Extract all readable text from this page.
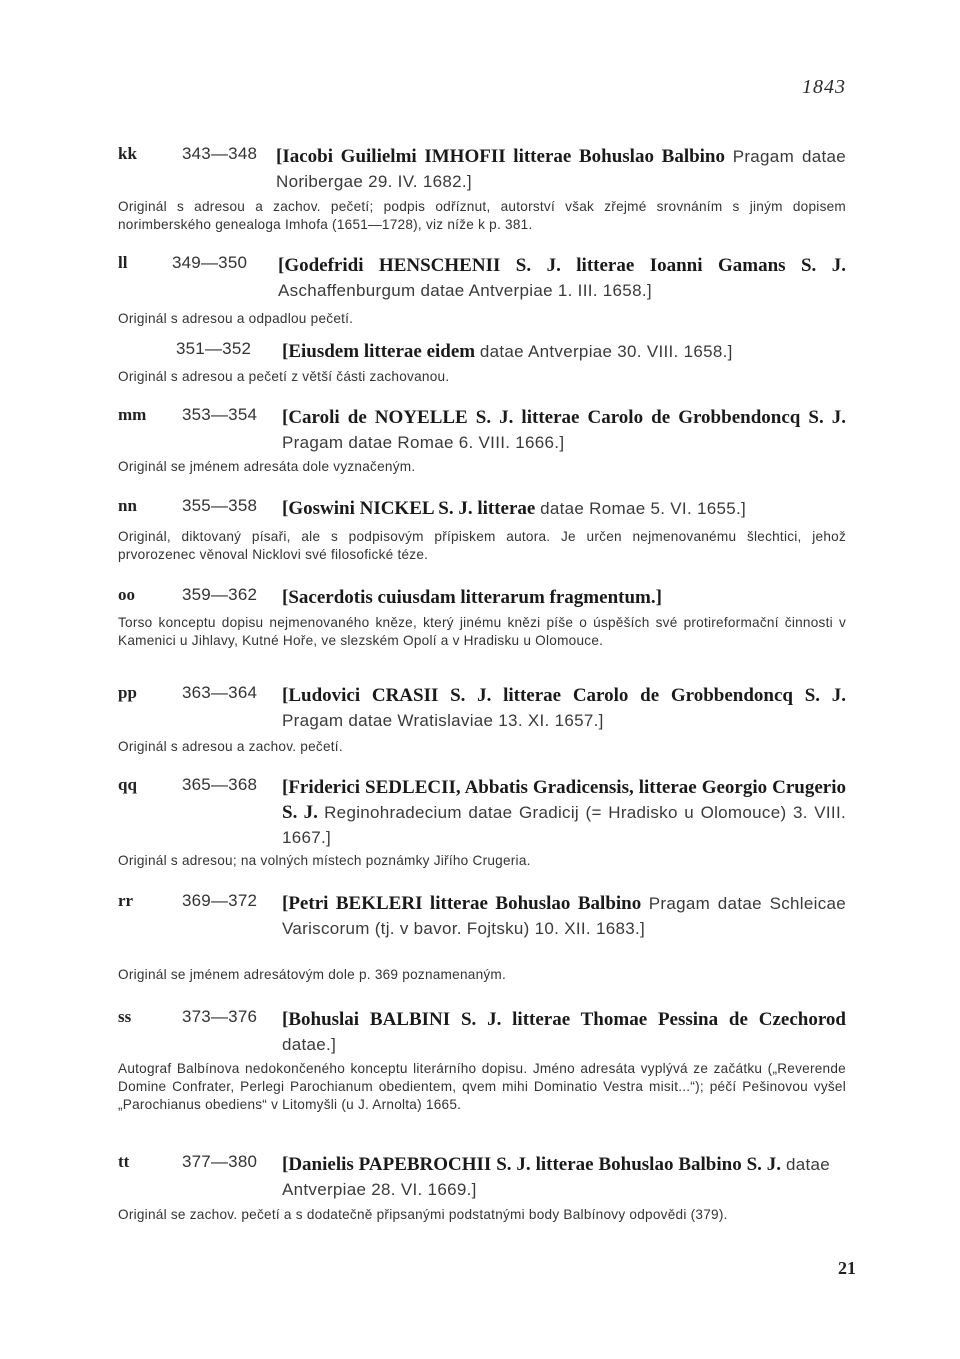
1843
kk	343—348 [Iacobi Guilielmi IMHOFII litterae Bohuslao Balbino Pragam datae Noribergae 29. IV. 1682.]
Originál s adresou a zachov. pečetí; podpis odříznut, autorství však zřejmé srovnáním s jiným dopisem norimberského genealoga Imhofa (1651—1728), viz níže k p. 381.
ll	349—350	[Godefridi HENSCHENII S. J. litterae Ioanni Gamans S. J. Aschaffenburgum datae Antverpiae 1. III. 1658.]
Originál s adresou a odpadlou pečetí.
351—352	[Eiusdem litterae eidem datae Antverpiae 30. VIII. 1658.]
Originál s adresou a pečetí z větší části zachovanou.
mm 353—354	[Caroli de NOYELLE S. J. litterae Carolo de Grobbendoncq S. J. Pragam datae Romae 6. VIII. 1666.]
Originál se jménem adresáta dole vyznačeným.
nn	355—358	[Goswini NICKEL S. J. litterae datae Romae 5. VI. 1655.]
Originál, diktovaný písaři, ale s podpisovým přípiskem autora. Je určen nejmenovanému šlechtici, jehož prvorozenec věnoval Nicklovi své filosofické téze.
oo	359—362	[Sacerdotis cuiusdam litterarum fragmentum.]
Torso konceptu dopisu nejmenovaného kněze, který jinému knězi píše o úspěších své protireformační činnosti v Kamenici u Jihlavy, Kutné Hoře, ve slezském Opolí a v Hradisku u Olomouce.
pp	363—364	[Ludovici CRASII S. J. litterae Carolo de Grobbendoncq S. J. Pragam datae Wratislaviae 13. XI. 1657.]
Originál s adresou a zachov. pečetí.
qq	365—368	[Friderici SEDLECII, Abbatis Gradicensis, litterae Georgio Crugerio S. J. Reginohradecium datae Gradicij (= Hradisko u Olomouce) 3. VIII. 1667.]
Originál s adresou; na volných místech poznámky Jiřího Crugeria.
rr	369—372	[Petri BEKLERI litterae Bohuslao Balbino Pragam datae Schleicae Variscorum (tj. v bavor. Fojtsku) 10. XII. 1683.]
Originál se jménem adresátovým dole p. 369 poznamenaným.
ss	373—376	[Bohuslai BALBINI S. J. litterae Thomae Pessina de Czechorod datae.]
Autograf Balbínova nedokončeného konceptu literárního dopisu. Jméno adresáta vyplývá ze začátku („Reverende Domine Confrater, Perlegi Parochianum obedientem, qvem mihi Dominatio Vestra misit...“); péčí Pešinovou vyšel „Parochianus obediens“ v Litomyšli (u J. Arnolta) 1665.
tt	377—380	[Danielis PAPEBROCHII S. J. litterae Bohuslao Balbino S. J. datae Antverpiae 28. VI. 1669.]
Originál se zachov. pečetí a s dodatečně připsanými podstatnými body Balbínovy odpovědi (379).
21
